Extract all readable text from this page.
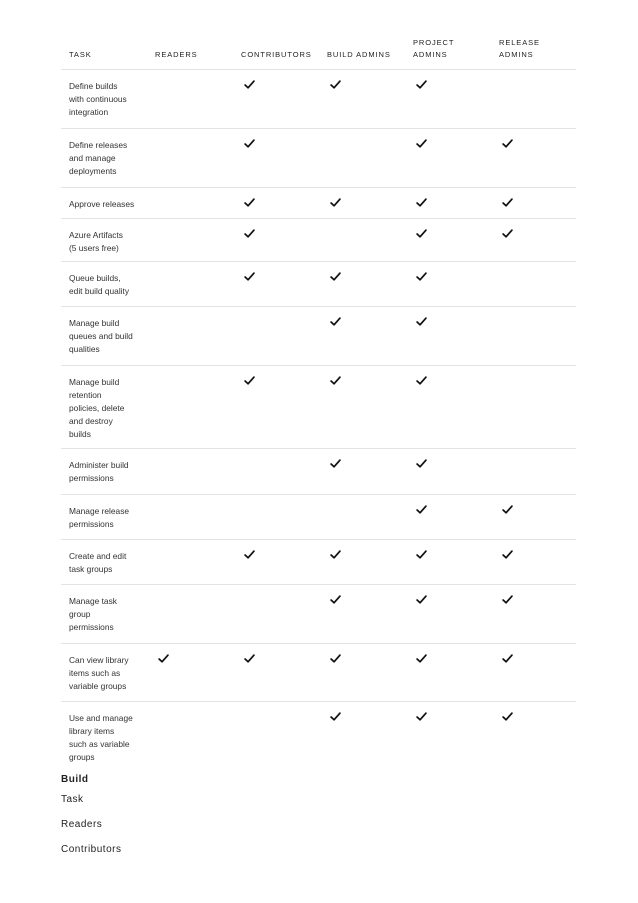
TASK	READERS	CONTRIBUTORS BUILD ADMINS
PROJECT ADMINS
RELEASE ADMINS
Define builds
with continuous
integration
Define releases
and manage
deployments
Approve releases
Azure Artifacts
(5 users free)
Queue builds,
edit build quality
Manage build
queues and build
qualities
Manage build
retention
policies, delete
and destroy
builds
Administer build
permissions
Manage release
permissions
Create and edit
task groups
Manage task
group
permissions
Can view library
items such as
variable groups
Use and manage
library items
such as variable
groups
Build
Task
Readers
Contributors
